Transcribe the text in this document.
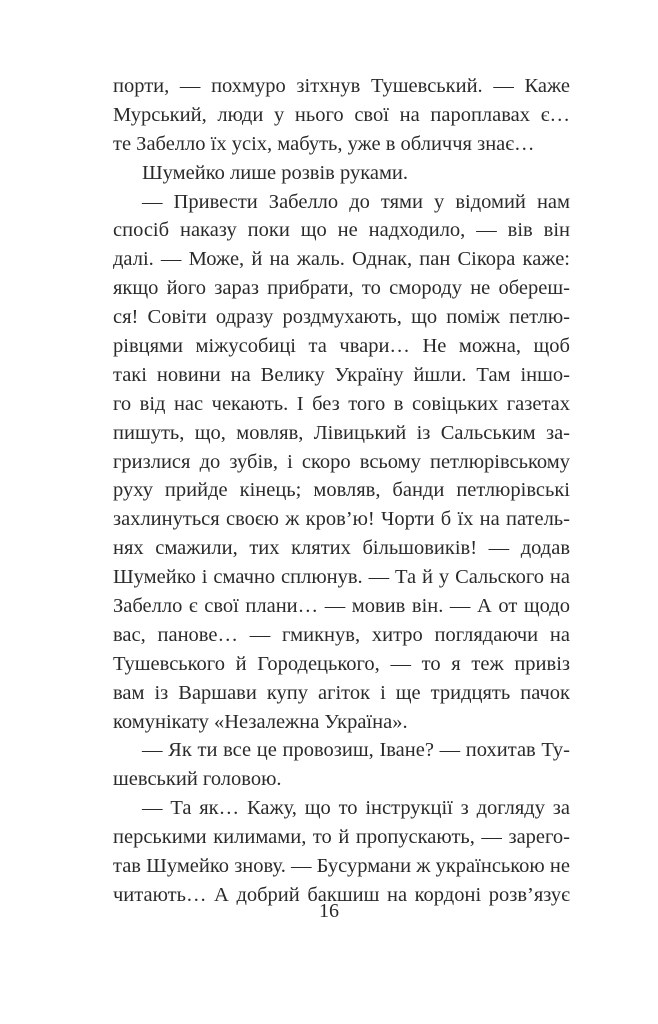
порти, — похмуро зітхнув Тушевський. — Каже
Мурський, люди у нього свої на пароплавах є…
те Забелло їх усіх, мабуть, уже в обличчя знає…
Шумейко лише розвів руками.
— Привести Забелло до тями у відомий нам
спосіб наказу поки що не надходило, — вів він
далі. — Може, й на жаль. Однак, пан Сікора каже:
якщо його зараз прибрати, то смороду не обереш-
ся! Совіти одразу роздмухають, що поміж петлю-
рівцями міжусобиці та чвари… Не можна, щоб
такі новини на Велику Україну йшли. Там іншо-
го від нас чекають. І без того в совіцьких газетах
пишуть, що, мовляв, Лівицький із Сальським за-
гризлися до зубів, і скоро всьому петлюрівському
руху прийде кінець; мовляв, банди петлюрівські
захлинуться своєю ж кров’ю! Чорти б їх на патель-
нях смажили, тих клятих більшовиків! — додав
Шумейко і смачно сплюнув. — Та й у Сальского на
Забелло є свої плани… — мовив він. — А от щодо
вас, панове… — гмикнув, хитро поглядаючи на
Тушевського й Городецького, — то я теж привіз
вам із Варшави купу агіток і ще тридцять пачок
комунікату «Незалежна Україна».
— Як ти все це провозиш, Іване? — похитав Ту-
шевський головою.
— Та як… Кажу, що то інструкції з догляду за
перськими килимами, то й пропускають, — зарего-
тав Шумейко знову. — Бусурмани ж українською не
читають… А добрий бакшиш на кордоні розв’язує
16
